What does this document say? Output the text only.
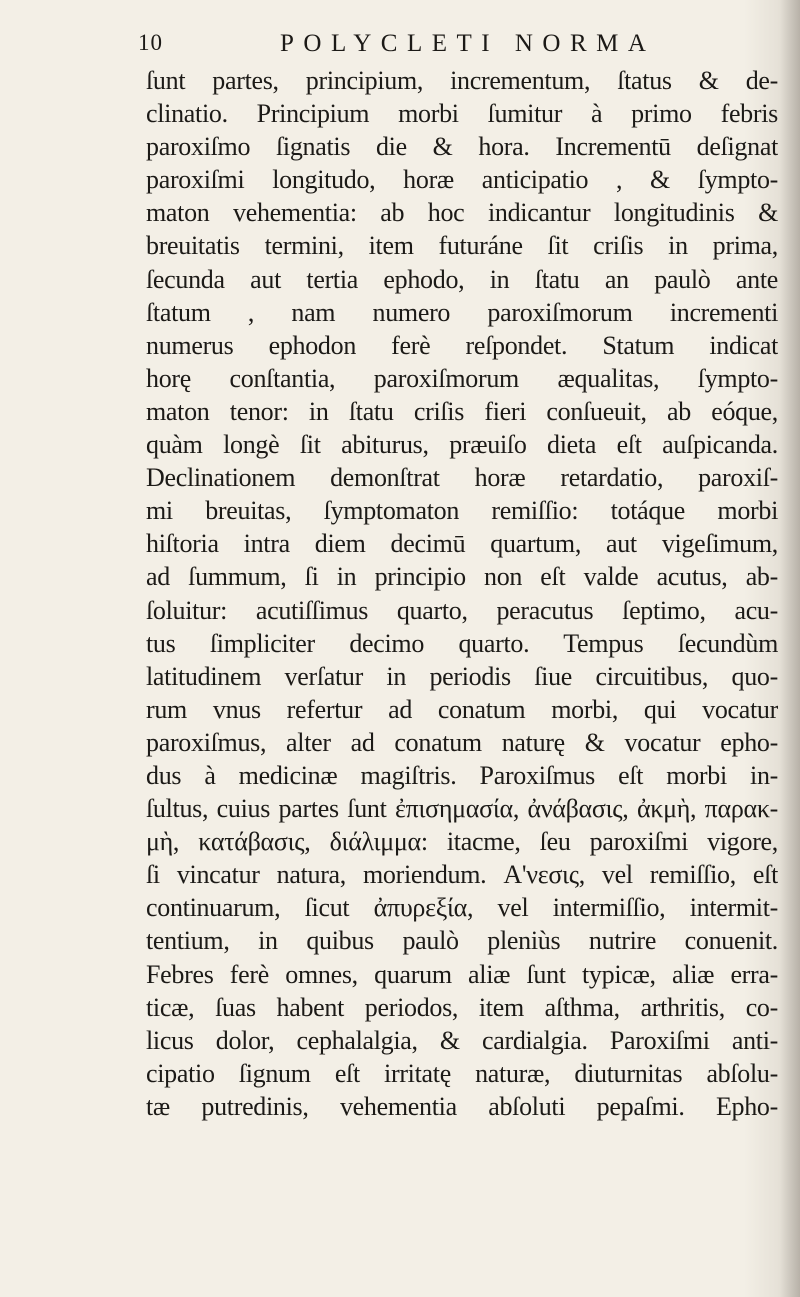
10	POLYCLETI NORMA
ſunt partes, principium, incrementum, ſtatus & de-
clinatio. Principium morbi ſumitur à primo febris
paroxiſmo ſignatis die & hora. Incrementū deſignat
paroxiſmi longitudo, horæ anticipatio , & ſympto-
maton vehementia: ab hoc indicantur longitudinis &
breuitatis termini, item futuráne ſit criſis in prima,
ſecunda aut tertia ephodo, in ſtatu an paulò ante
ſtatum , nam numero paroxiſmorum incrementi
numerus ephodon ferè reſpondet. Statum indicat
horę conſtantia, paroxiſmorum æqualitas, ſympto-
maton tenor: in ſtatu criſis fieri conſueuit, ab eóque,
quàm longè ſit abiturus, præuiſo dieta eſt auſpicanda.
Declinationem demonſtrat horæ retardatio, paroxiſ-
mi breuitas, ſymptomaton remiſſio: totáque morbi
hiſtoria intra diem decimū quartum, aut vigeſimum,
ad ſummum, ſi in principio non eſt valde acutus, ab-
ſoluitur: acutiſſimus quarto, peracutus ſeptimo, acu-
tus ſimpliciter decimo quarto. Tempus ſecundùm
latitudinem verſatur in periodis ſiue circuitibus, quo-
rum vnus refertur ad conatum morbi, qui vocatur
paroxiſmus, alter ad conatum naturę & vocatur epho-
dus à medicinæ magiſtris. Paroxiſmus eſt morbi in-
ſultus, cuius partes ſunt ἐπισημασία, ἀνάβασις, ἀκμὴ, παρακ-
μὴ, κατάβασις, διάλιμμα: itacme, ſeu paroxiſmi vigore,
ſi vincatur natura, moriendum. Α'νεσις, vel remiſſio, eſt
continuarum, ſicut ἀπυρεξία, vel intermiſſio, intermit-
tentium, in quibus paulò pleniùs nutrire conuenit.
Febres ferè omnes, quarum aliæ ſunt typicæ, aliæ erra-
ticæ, ſuas habent periodos, item aſthma, arthritis, co-
licus dolor, cephalalgia, & cardialgia. Paroxiſmi anti-
cipatio ſignum eſt irritatę naturæ, diuturnitas abſolu-
tæ putredinis, vehementia abſoluti pepaſmi. Epho-
